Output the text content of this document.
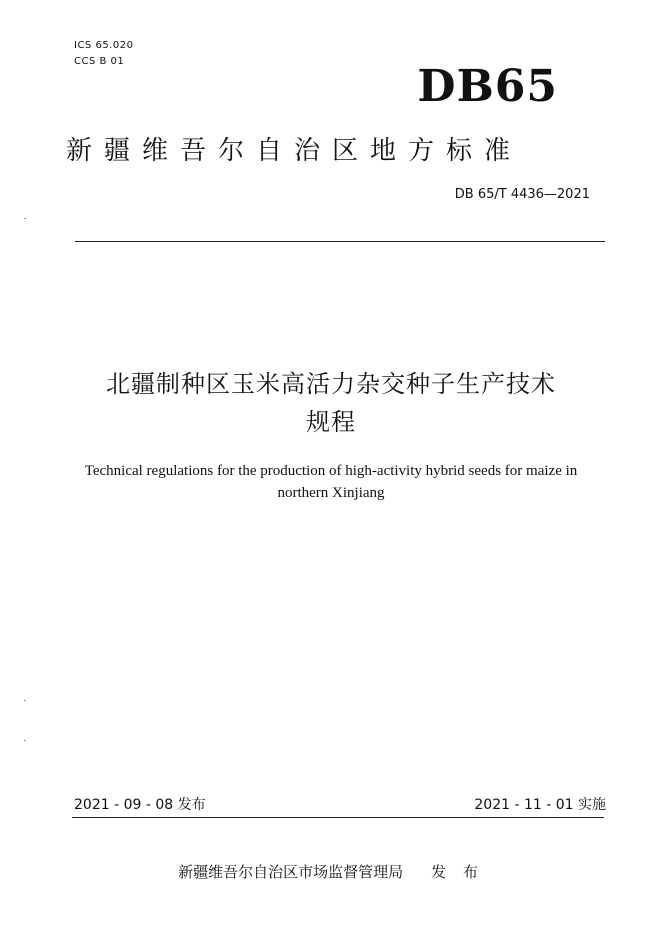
ICS 65.020
CCS B 01	DB65
新疆维吾尔自治区地方标准
DB 65/T 4436—2021
北疆制种区玉米高活力杂交种子生产技术
规程
Technical regulations for the production of high-activity hybrid seeds for maize in
northern Xinjiang
2021 - 09 - 08 发布	2021 - 11 - 01 实施
新疆维吾尔自治区市场监督管理局 发 布
